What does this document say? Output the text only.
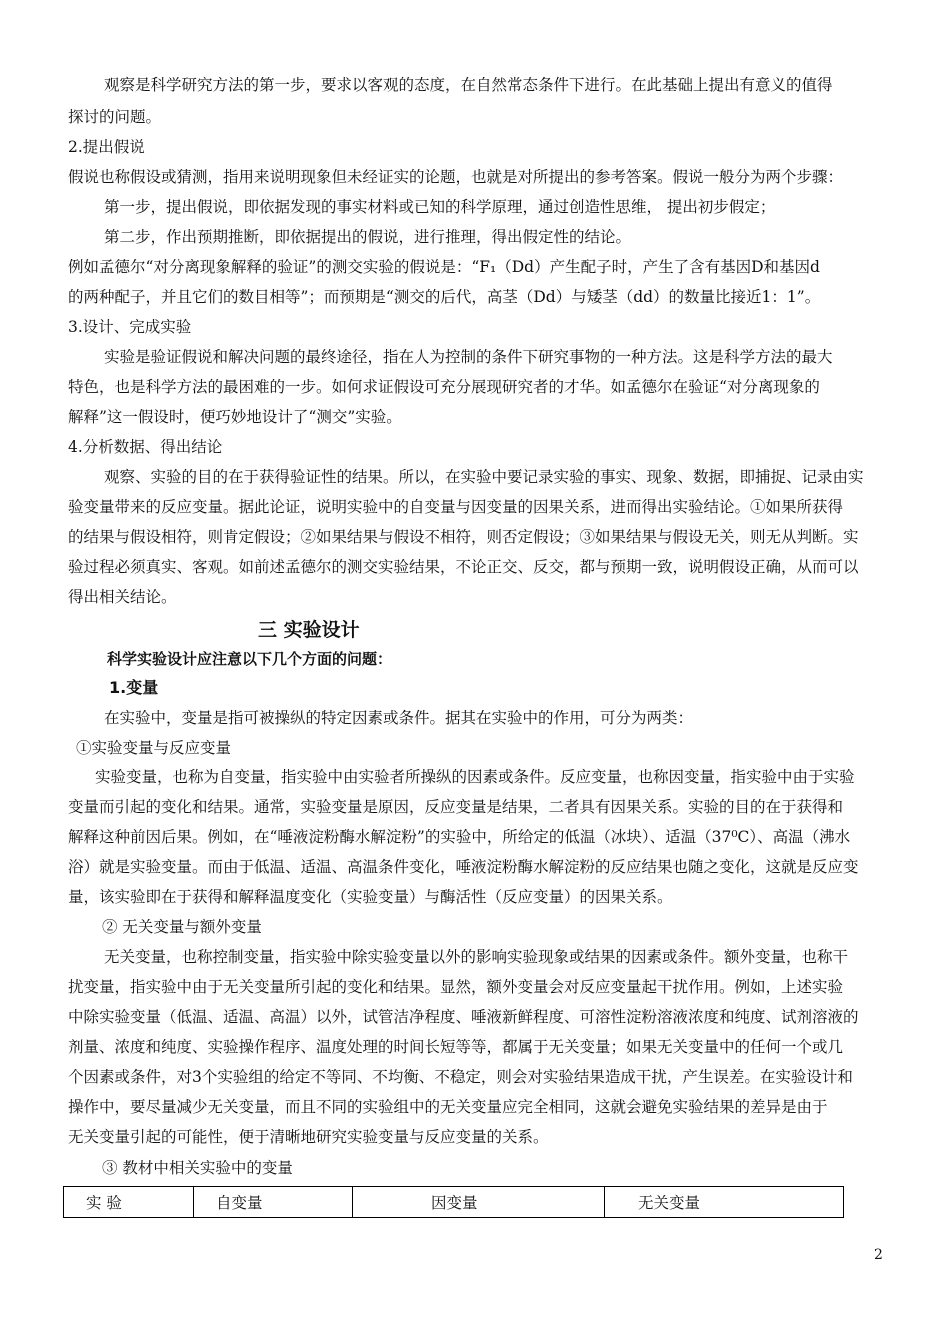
观察是科学研究方法的第一步，要求以客观的态度，在自然常态条件下进行。在此基础上提出有意义的值得
探讨的问题。
2.提出假说
假说也称假设或猜测，指用来说明现象但未经证实的论题，也就是对所提出的参考答案。假说一般分为两个步骤：
第一步，提出假说，即依据发现的事实材料或已知的科学原理，通过创造性思维， 提出初步假定；
第二步，作出预期推断，即依据提出的假说，进行推理，得出假定性的结论。
例如孟德尔“对分离现象解释的验证”的测交实验的假说是：“F₁（Dd）产生配子时，产生了含有基因D和基因d
的两种配子，并且它们的数目相等”；而预期是“测交的后代，高茎（Dd）与矮茎（dd）的数量比接近1：1”。
3.设计、完成实验
实验是验证假说和解决问题的最终途径，指在人为控制的条件下研究事物的一种方法。这是科学方法的最大
特色，也是科学方法的最困难的一步。如何求证假设可充分展现研究者的才华。如孟德尔在验证“对分离现象的
解释”这一假设时，便巧妙地设计了“测交”实验。
4.分析数据、得出结论
观察、实验的目的在于获得验证性的结果。所以，在实验中要记录实验的事实、现象、数据，即捕捉、记录由实
验变量带来的反应变量。据此论证，说明实验中的自变量与因变量的因果关系，进而得出实验结论。①如果所获得
的结果与假设相符，则肯定假设；②如果结果与假设不相符，则否定假设；③如果结果与假设无关，则无从判断。实
验过程必须真实、客观。如前述孟德尔的测交实验结果，不论正交、反交，都与预期一致，说明假设正确，从而可以
得出相关结论。
三 实验设计
科学实验设计应注意以下几个方面的问题：
1.变量
在实验中，变量是指可被操纵的特定因素或条件。据其在实验中的作用，可分为两类：
①实验变量与反应变量
实验变量，也称为自变量，指实验中由实验者所操纵的因素或条件。反应变量，也称因变量，指实验中由于实验
变量而引起的变化和结果。通常，实验变量是原因，反应变量是结果，二者具有因果关系。实验的目的在于获得和
解释这种前因后果。例如，在“唾液淀粉酶水解淀粉”的实验中，所给定的低温（冰块）、适温（37⁰C）、高温（沸水
浴）就是实验变量。而由于低温、适温、高温条件变化，唾液淀粉酶水解淀粉的反应结果也随之变化，这就是反应变
量，该实验即在于获得和解释温度变化（实验变量）与酶活性（反应变量）的因果关系。
② 无关变量与额外变量
无关变量，也称控制变量，指实验中除实验变量以外的影响实验现象或结果的因素或条件。额外变量，也称干
扰变量，指实验中由于无关变量所引起的变化和结果。显然，额外变量会对反应变量起干扰作用。例如，上述实验
中除实验变量（低温、适温、高温）以外，试管洁净程度、唾液新鲜程度、可溶性淀粉溶液浓度和纯度、试剂溶液的
剂量、浓度和纯度、实验操作程序、温度处理的时间长短等等，都属于无关变量；如果无关变量中的任何一个或几
个因素或条件，对3个实验组的给定不等同、不均衡、不稳定，则会对实验结果造成干扰，产生误差。在实验设计和
操作中，要尽量减少无关变量，而且不同的实验组中的无关变量应完全相同，这就会避免实验结果的差异是由于
无关变量引起的可能性，便于清晰地研究实验变量与反应变量的关系。
③ 教材中相关实验中的变量
实 验	自变量	因变量	无关变量
2
